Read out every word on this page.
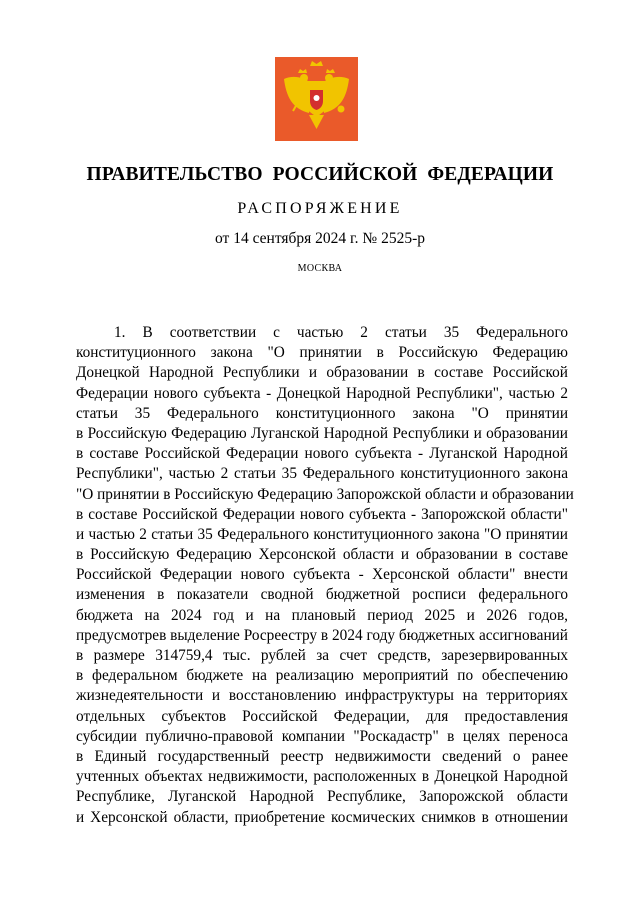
ПРАВИТЕЛЬСТВО РОССИЙСКОЙ ФЕДЕРАЦИИ
РАСПОРЯЖЕНИЕ
от 14 сентября 2024 г. № 2525-р
МОСКВА
1. В соответствии с частью 2 статьи 35 Федерального
конституционного закона "О принятии в Российскую Федерацию
Донецкой Народной Республики и образовании в составе Российской
Федерации нового субъекта - Донецкой Народной Республики", частью 2
статьи 35 Федерального конституционного закона "О принятии
в Российскую Федерацию Луганской Народной Республики и образовании
в составе Российской Федерации нового субъекта - Луганской Народной
Республики", частью 2 статьи 35 Федерального конституционного закона
"О принятии в Российскую Федерацию Запорожской области и образовании
в составе Российской Федерации нового субъекта - Запорожской области"
и частью 2 статьи 35 Федерального конституционного закона "О принятии
в Российскую Федерацию Херсонской области и образовании в составе
Российской Федерации нового субъекта - Херсонской области" внести
изменения в показатели сводной бюджетной росписи федерального
бюджета на 2024 год и на плановый период 2025 и 2026 годов,
предусмотрев выделение Росреестру в 2024 году бюджетных ассигнований
в размере 314759,4 тыс. рублей за счет средств, зарезервированных
в федеральном бюджете на реализацию мероприятий по обеспечению
жизнедеятельности и восстановлению инфраструктуры на территориях
отдельных субъектов Российской Федерации, для предоставления
субсидии публично-правовой компании "Роскадастр" в целях переноса
в Единый государственный реестр недвижимости сведений о ранее
учтенных объектах недвижимости, расположенных в Донецкой Народной
Республике, Луганской Народной Республике, Запорожской области
и Херсонской области, приобретение космических снимков в отношении
